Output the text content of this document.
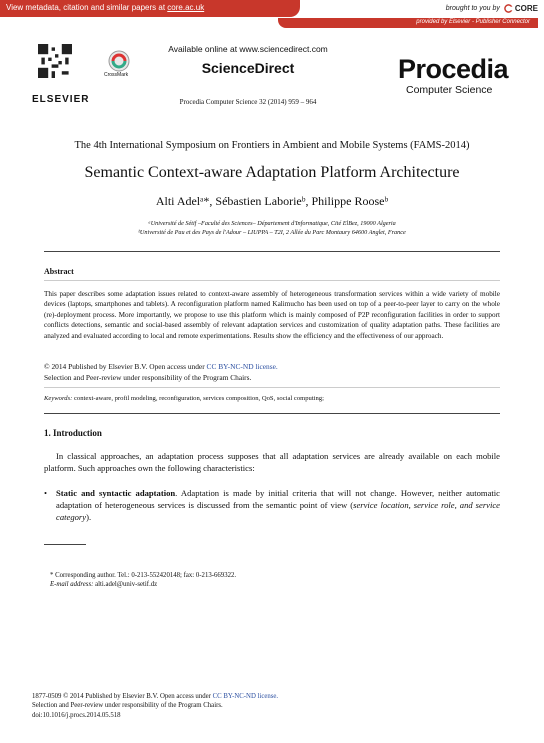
View metadata, citation and similar papers at core.ac.uk	brought to you by CORE
provided by Elsevier - Publisher Connector
ELSEVIER
CrossMark
Available online at www.sciencedirect.com
ScienceDirect
Procedia Computer Science 32 (2014) 959 – 964
Procedia
Computer Science
The 4th International Symposium on Frontiers in Ambient and Mobile Systems (FAMS-2014)
Semantic Context-aware Adaptation Platform Architecture
Alti Adelᵃ*, Sébastien Laborieᵇ, Philippe Rooseᵇ
ᵃUniversité de Sétif –Faculté des Sciences– Département d'Informatique, Cité ElBez, 19000 Algeria
ᵇUniversité de Pau et des Pays de l'Adour – LIUPPA – T2I, 2 Allée du Parc Montaury 64600 Anglet, France
Abstract
This paper describes some adaptation issues related to context-aware assembly of heterogeneous transformation services within a wide variety of mobile devices (laptops, smartphones and tablets). A reconfiguration platform named Kalimucho has been used on top of a peer-to-peer layer to carry on the whole (re)-deployment process. More importantly, we propose to use this platform which is mainly composed of P2P reconfiguration facilities in order to support conflicts detections, semantic and social-based assembly of relevant adaptation services and customization of quality adaptation paths. These facilities are analyzed and evaluated according to local and remote experimentations. Results show the efficiency and the effectiveness of our approach.
© 2014 Published by Elsevier B.V. Open access under CC BY-NC-ND license.
Selection and Peer-review under responsibility of the Program Chairs.
Keywords: context-aware, profil modeling, reconfiguration, services composition, QoS, social computing;
1. Introduction
In classical approaches, an adaptation process supposes that all adaptation services are already available on each mobile platform. Such approaches own the following characteristics:
• Static and syntactic adaptation. Adaptation is made by initial criteria that will not change. However, neither automatic adaptation of heterogeneous services is discussed from the semantic point of view (service location, service role, and service category).
* Corresponding author. Tel.: 0-213-552420148; fax: 0-213-669322.
E-mail address: alti.adel@univ-setif.dz
1877-0509 © 2014 Published by Elsevier B.V. Open access under CC BY-NC-ND license.
Selection and Peer-review under responsibility of the Program Chairs.
doi:10.1016/j.procs.2014.05.518
